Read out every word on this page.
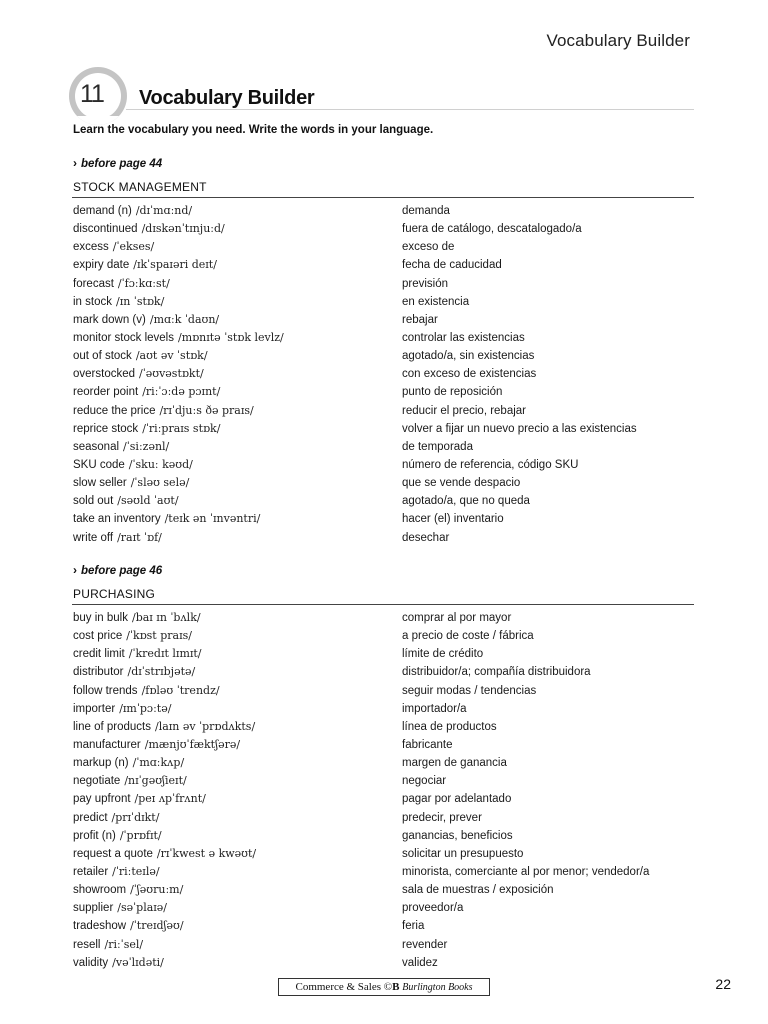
Vocabulary Builder
11 Vocabulary Builder
Learn the vocabulary you need. Write the words in your language.
› before page 44
STOCK MANAGEMENT
demand (n) /dɪˈmɑːnd/	demanda
discontinued /dɪskənˈtɪnjuːd/	fuera de catálogo, descatalogado/a
excess /ˈekses/	exceso de
expiry date /ɪkˈspaɪəri deɪt/	fecha de caducidad
forecast /ˈfɔːkɑːst/	previsión
in stock /ɪn ˈstɒk/	en existencia
mark down (v) /mɑːk ˈdaʊn/	rebajar
monitor stock levels /mɒnɪtə ˈstɒk levlz/	controlar las existencias
out of stock /aʊt əv ˈstɒk/	agotado/a, sin existencias
overstocked /ˈəʊvəstɒkt/	con exceso de existencias
reorder point /riːˈɔːdə pɔɪnt/	punto de reposición
reduce the price /rɪˈdjuːs ðə praɪs/	reducir el precio, rebajar
reprice stock /ˈriːpraɪs stɒk/	volver a fijar un nuevo precio a las existencias
seasonal /ˈsiːzənl/	de temporada
SKU code /ˈskuː kəʊd/	número de referencia, código SKU
slow seller /ˈsləʊ selə/	que se vende despacio
sold out /səʊld ˈaʊt/	agotado/a, que no queda
take an inventory /teɪk ən ˈɪnvəntri/	hacer (el) inventario
write off /raɪt ˈɒf/	desechar
› before page 46
PURCHASING
buy in bulk /baɪ ɪn ˈbʌlk/	comprar al por mayor
cost price /ˈkɒst praɪs/	a precio de coste / fábrica
credit limit /ˈkredɪt lɪmɪt/	límite de crédito
distributor /dɪˈstrɪbjətə/	distribuidor/a; compañía distribuidora
follow trends /fɒləʊ ˈtrendz/	seguir modas / tendencias
importer /ɪmˈpɔːtə/	importador/a
line of products /laɪn əv ˈprɒdʌkts/	línea de productos
manufacturer /mænjʊˈfæktʃərə/	fabricante
markup (n) /ˈmɑːkʌp/	margen de ganancia
negotiate /nɪˈgəʊʃieɪt/	negociar
pay upfront /peɪ ʌpˈfrʌnt/	pagar por adelantado
predict /prɪˈdɪkt/	predecir, prever
profit (n) /ˈprɒfɪt/	ganancias, beneficios
request a quote /rɪˈkwest ə kwəʊt/	solicitar un presupuesto
retailer /ˈriːteɪlə/	minorista, comerciante al por menor; vendedor/a
showroom /ˈʃəʊruːm/	sala de muestras / exposición
supplier /səˈplaɪə/	proveedor/a
tradeshow /ˈtreɪdʃəʊ/	feria
resell /riːˈsel/	revender
validity /vəˈlɪdəti/	validez
Commerce & Sales ©B Burlington Books	22
